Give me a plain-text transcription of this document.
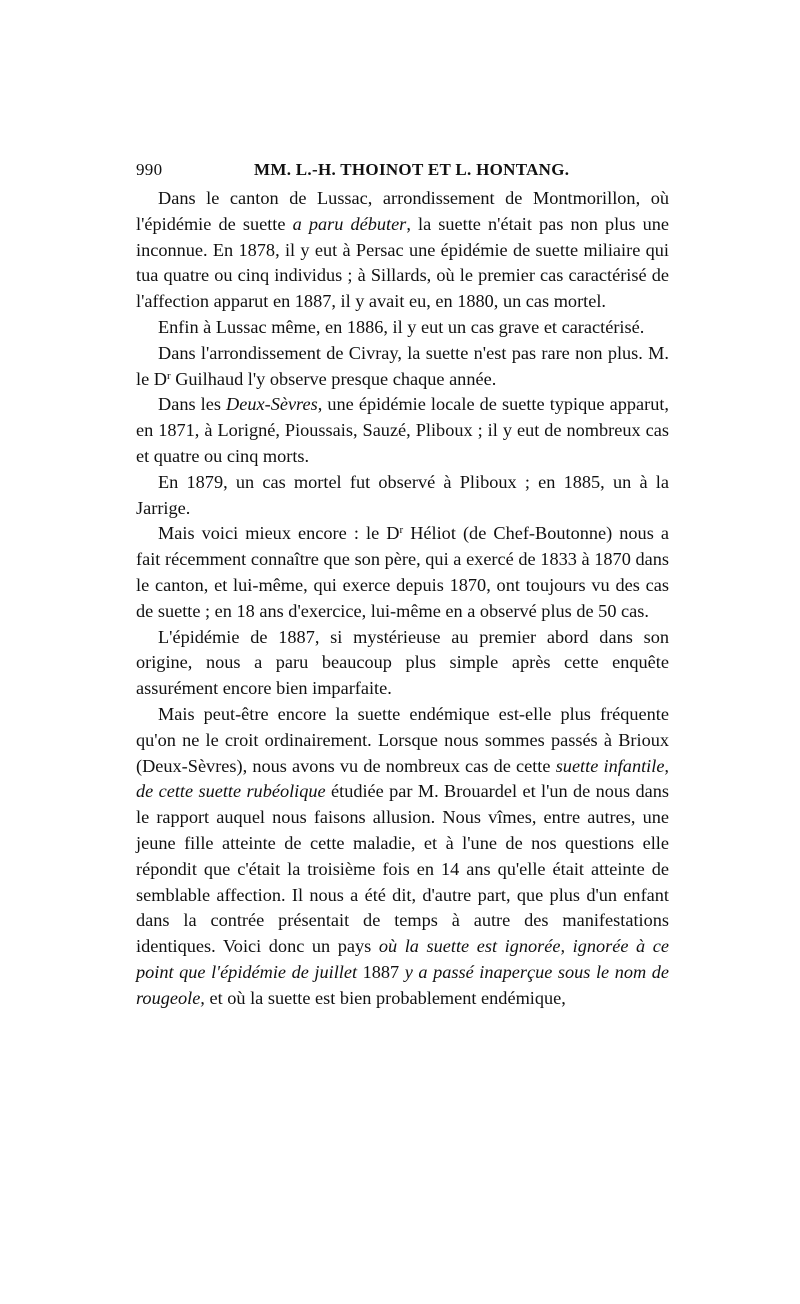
990	MM. L.-H. THOINOT ET L. HONTANG.

Dans le canton de Lussac, arrondissement de Montmorillon, où l'épidémie de suette a paru débuter, la suette n'était pas non plus une inconnue. En 1878, il y eut à Persac une épidémie de suette miliaire qui tua quatre ou cinq individus ; à Sillards, où le premier cas caractérisé de l'affection apparut en 1887, il y avait eu, en 1880, un cas mortel.

Enfin à Lussac même, en 1886, il y eut un cas grave et caractérisé.

Dans l'arrondissement de Civray, la suette n'est pas rare non plus. M. le $D^r$ Guilhaud l'y observe presque chaque année.

Dans les Deux-Sèvres, une épidémie locale de suette typique apparut, en 1871, à Lorigné, Pioussais, Sauzé, Pliboux ; il y eut de nombreux cas et quatre ou cinq morts.

En 1879, un cas mortel fut observé à Pliboux ; en 1885, un à la Jarrige.

Mais voici mieux encore : le $D^r$ Héliot (de Chef-Boutonne) nous a fait récemment connaître que son père, qui a exercé de 1833 à 1870 dans le canton, et lui-même, qui exerce depuis 1870, ont toujours vu des cas de suette ; en 18 ans d'exercice, lui-même en a observé plus de 50 cas.

L'épidémie de 1887, si mystérieuse au premier abord dans son origine, nous a paru beaucoup plus simple après cette enquête assurément encore bien imparfaite.

Mais peut-être encore la suette endémique est-elle plus fréquente qu'on ne le croit ordinairement. Lorsque nous sommes passés à Brioux (Deux-Sèvres), nous avons vu de nombreux cas de cette suette infantile, de cette suette rubéolique étudiée par M. Brouardel et l'un de nous dans le rapport auquel nous faisons allusion. Nous vîmes, entre autres, une jeune fille atteinte de cette maladie, et à l'une de nos questions elle répondit que c'était la troisième fois en 14 ans qu'elle était atteinte de semblable affection. Il nous a été dit, d'autre part, que plus d'un enfant dans la contrée présentait de temps à autre des manifestations identiques. Voici donc un pays où la suette est ignorée, ignorée à ce point que l'épidémie de juillet 1887 y a passé inaperçue sous le nom de rougeole, et où la suette est bien probablement endémique,
